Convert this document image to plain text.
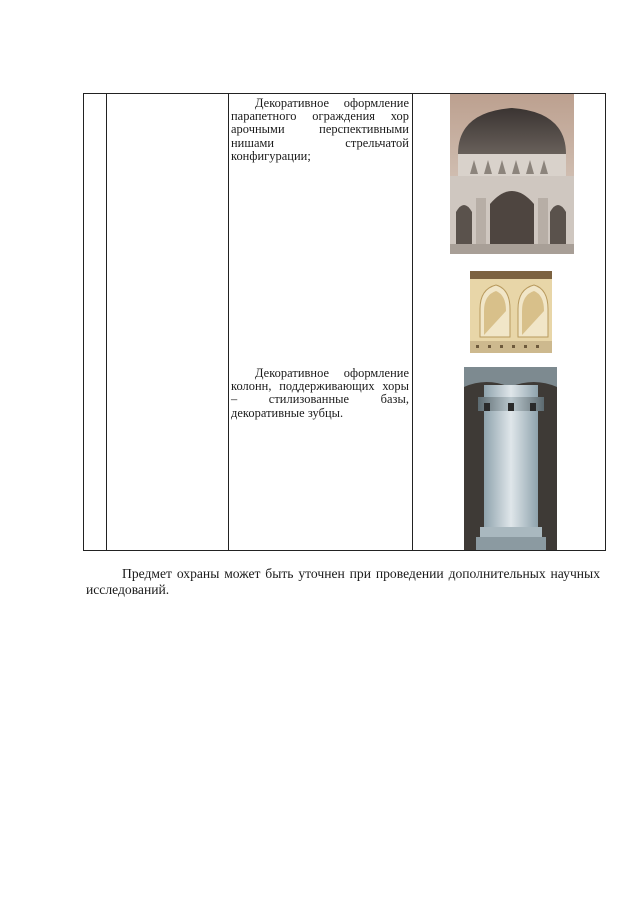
Декоративное оформление парапетного ограждения хор арочными перспективными нишами стрельчатой конфигурации;
Декоративное оформление колонн, поддерживающих хоры – стилизованные базы, декоративные зубцы.
Предмет охраны может быть уточнен при проведении дополнительных научных исследований.
